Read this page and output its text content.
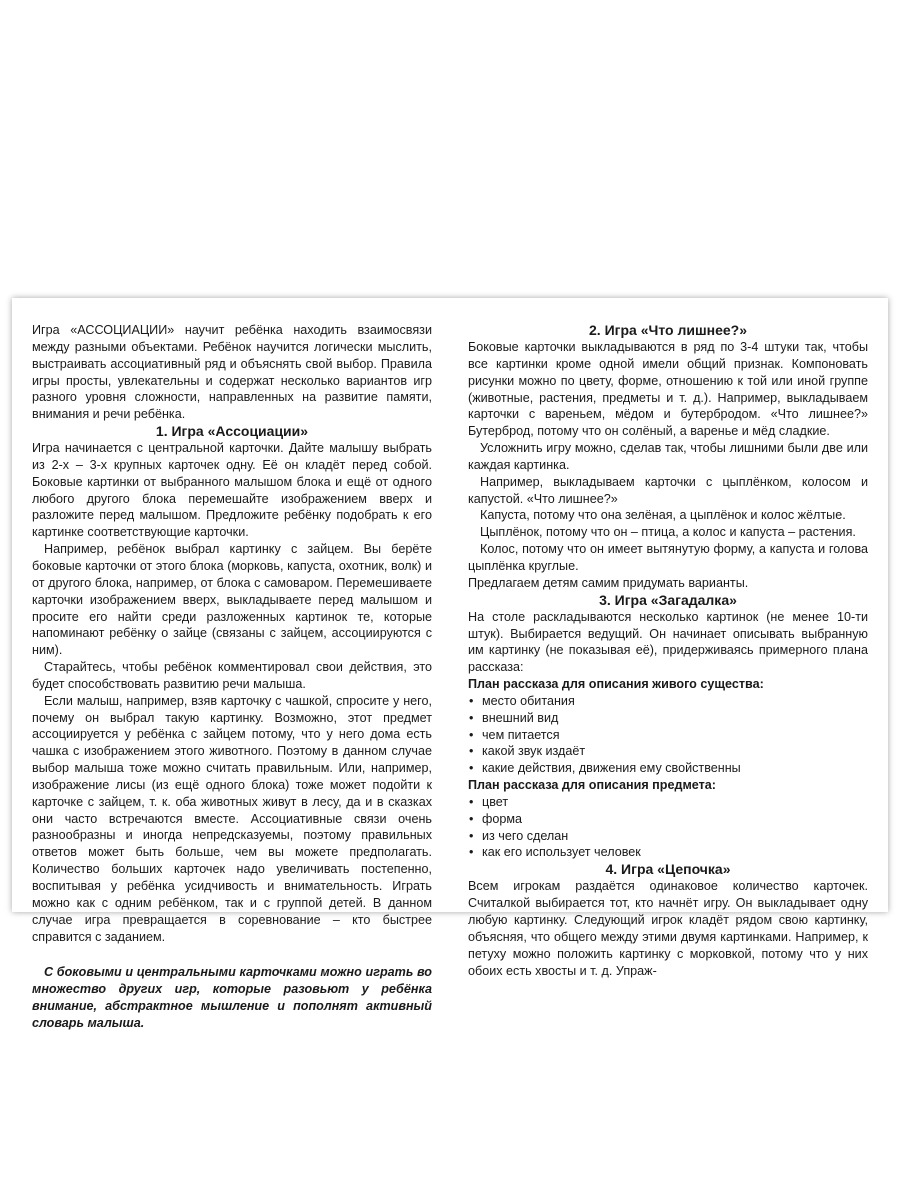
Игра «АССОЦИАЦИИ» научит ребёнка находить взаимосвязи между разными объектами. Ребёнок научится логически мыслить, выстраивать ассоциативный ряд и объяснять свой выбор. Правила игры просты, увлекательны и содержат несколько вариантов игр разного уровня сложности, направленных на развитие памяти, внимания и речи ребёнка.

1. Игра «Ассоциации»

Игра начинается с центральной карточки. Дайте малышу выбрать из 2-х – 3-х крупных карточек одну. Её он кладёт перед собой. Боковые картинки от выбранного малышом блока и ещё от одного любого другого блока перемешайте изображением вверх и разложите перед малышом. Предложите ребёнку подобрать к его картинке соответствующие карточки.

Например, ребёнок выбрал картинку с зайцем. Вы берёте боковые карточки от этого блока (морковь, капуста, охотник, волк) и от другого блока, например, от блока с самоваром. Перемешиваете карточки изображением вверх, выкладываете перед малышом и просите его найти среди разложенных картинок те, которые напоминают ребёнку о зайце (связаны с зайцем, ассоциируются с ним).

Старайтесь, чтобы ребёнок комментировал свои действия, это будет способствовать развитию речи малыша.

Если малыш, например, взяв карточку с чашкой, спросите у него, почему он выбрал такую картинку. Возможно, этот предмет ассоциируется у ребёнка с зайцем потому, что у него дома есть чашка с изображением этого животного. Поэтому в данном случае выбор малыша тоже можно считать правильным. Или, например, изображение лисы (из ещё одного блока) тоже может подойти к карточке с зайцем, т. к. оба животных живут в лесу, да и в сказках они часто встречаются вместе. Ассоциативные связи очень разнообразны и иногда непредсказуемы, поэтому правильных ответов может быть больше, чем вы можете предполагать. Количество больших карточек надо увеличивать постепенно, воспитывая у ребёнка усидчивость и внимательность. Играть можно как с одним ребёнком, так и с группой детей. В данном случае игра превращается в соревнование – кто быстрее справится с заданием.

С боковыми и центральными карточками можно играть во множество других игр, которые разовьют у ребёнка внимание, абстрактное мышление и пополнят активный словарь малыша.

2. Игра «Что лишнее?»

Боковые карточки выкладываются в ряд по 3-4 штуки так, чтобы все картинки кроме одной имели общий признак. Компоновать рисунки можно по цвету, форме, отношению к той или иной группе (животные, растения, предметы и т. д.). Например, выкладываем карточки с вареньем, мёдом и бутербродом. «Что лишнее?» Бутерброд, потому что он солёный, а варенье и мёд сладкие.

Усложнить игру можно, сделав так, чтобы лишними были две или каждая картинка.

Например, выкладываем карточки с цыплёнком, колосом и капустой. «Что лишнее?»

Капуста, потому что она зелёная, а цыплёнок и колос жёлтые.

Цыплёнок, потому что он – птица, а колос и капуста – растения.

Колос, потому что он имеет вытянутую форму, а капуста и голова цыплёнка круглые.

Предлагаем детям самим придумать варианты.

3. Игра «Загадалка»

На столе раскладываются несколько картинок (не менее 10-ти штук). Выбирается ведущий. Он начинает описывать выбранную им картинку (не показывая её), придерживаясь примерного плана рассказа:

План рассказа для описания живого существа:

• место обитания
• внешний вид
• чем питается
• какой звук издаёт
• какие действия, движения ему свойственны

План рассказа для описания предмета:

• цвет
• форма
• из чего сделан
• как его использует человек
4. Игра «Цепочка»

Всем игрокам раздаётся одинаковое количество карточек. Считалкой выбирается тот, кто начнёт игру. Он выкладывает одну любую картинку. Следующий игрок кладёт рядом свою картинку, объясняя, что общего между этими двумя картинками. Например, к петуху можно положить картинку с морковкой, потому что у них обоих есть хвосты и т. д. Упраж-
